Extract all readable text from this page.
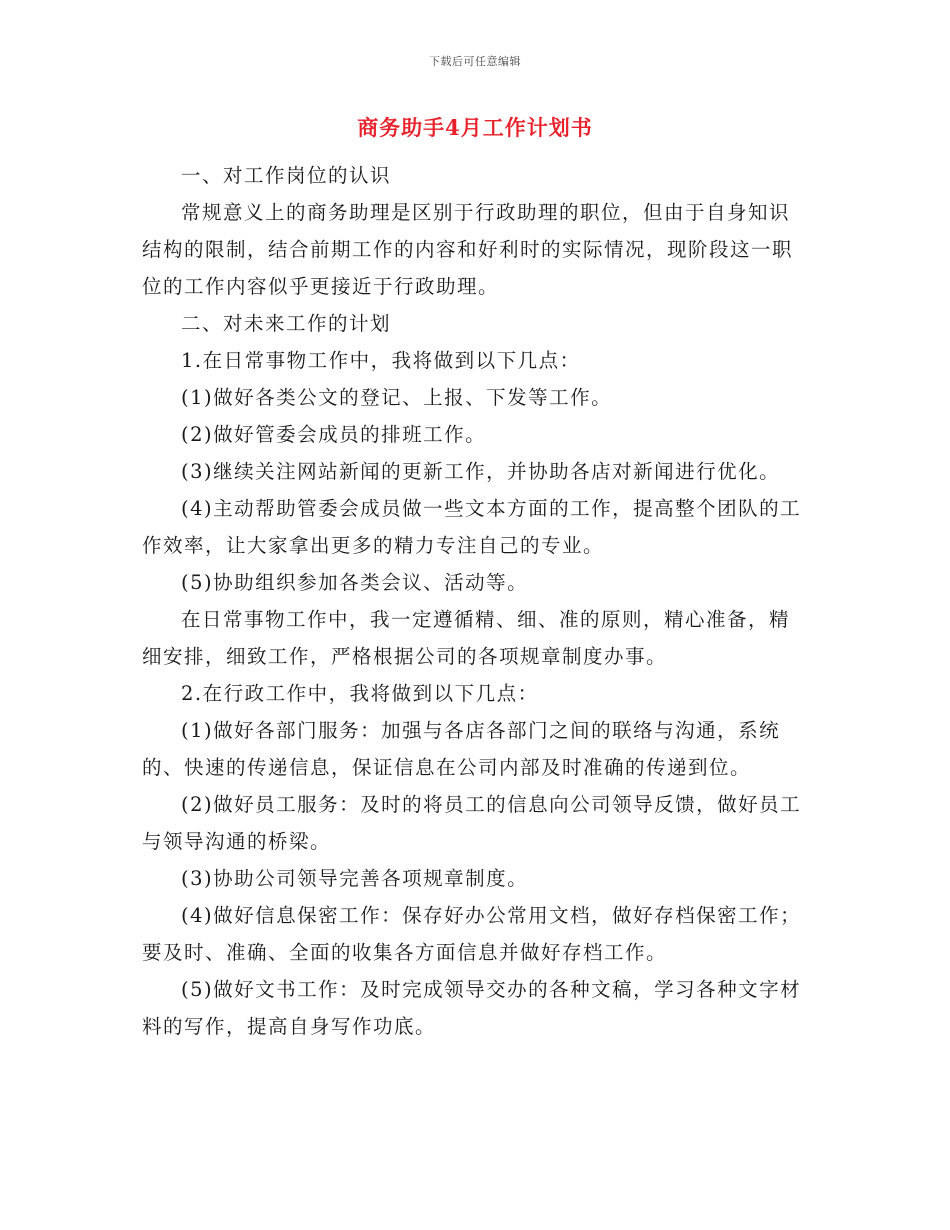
下载后可任意编辑
商务助手4月工作计划书

一、对工作岗位的认识

常规意义上的商务助理是区别于行政助理的职位，但由于自身知识结构的限制，结合前期工作的内容和好利时的实际情况，现阶段这一职位的工作内容似乎更接近于行政助理。

二、对未来工作的计划

1.在日常事物工作中，我将做到以下几点：

(1)做好各类公文的登记、上报、下发等工作。

(2)做好管委会成员的排班工作。

(3)继续关注网站新闻的更新工作，并协助各店对新闻进行优化。

(4)主动帮助管委会成员做一些文本方面的工作，提高整个团队的工作效率，让大家拿出更多的精力专注自己的专业。

(5)协助组织参加各类会议、活动等。

在日常事物工作中，我一定遵循精、细、准的原则，精心准备，精细安排，细致工作，严格根据公司的各项规章制度办事。

2.在行政工作中，我将做到以下几点：

(1)做好各部门服务：加强与各店各部门之间的联络与沟通，系统的、快速的传递信息，保证信息在公司内部及时准确的传递到位。

(2)做好员工服务：及时的将员工的信息向公司领导反馈，做好员工与领导沟通的桥梁。

(3)协助公司领导完善各项规章制度。

(4)做好信息保密工作：保存好办公常用文档，做好存档保密工作；要及时、准确、全面的收集各方面信息并做好存档工作。

(5)做好文书工作：及时完成领导交办的各种文稿，学习各种文字材料的写作，提高自身写作功底。
